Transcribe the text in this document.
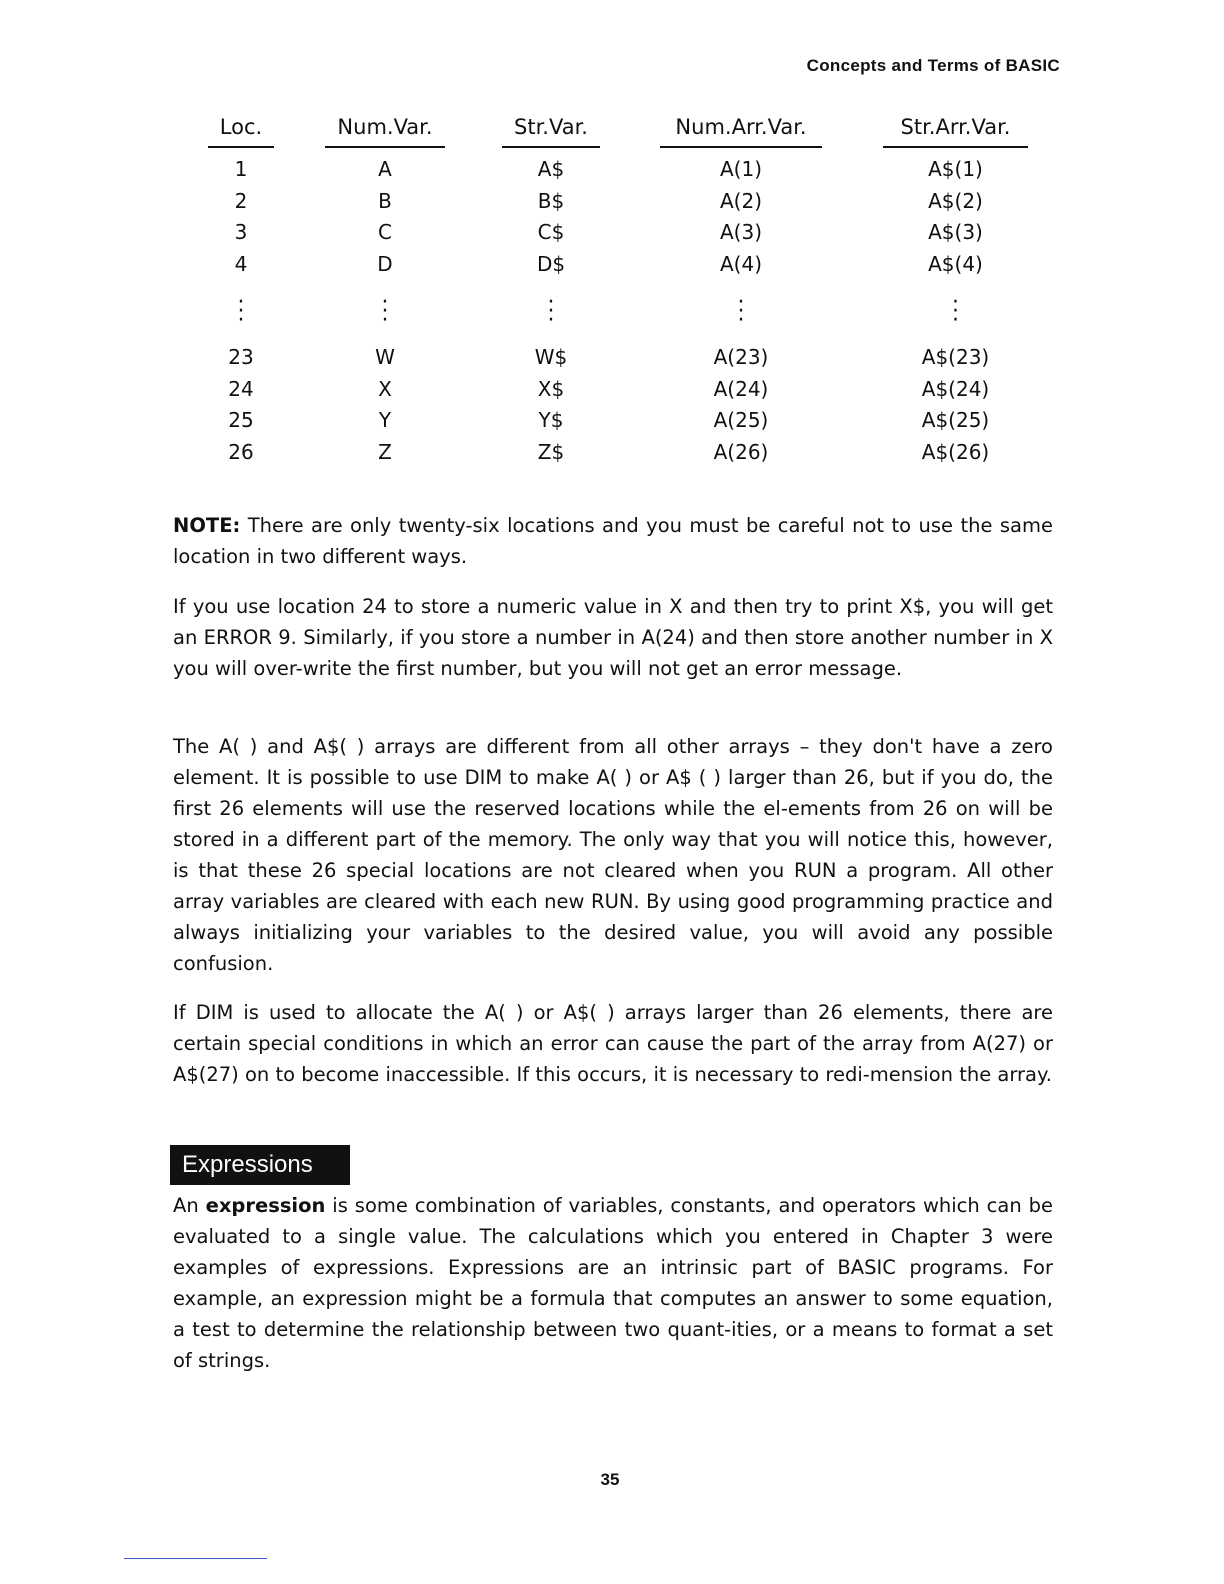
Concepts and Terms of BASIC
Loc.
1
2
3
4
·
·
·
23
24
25
26
Num.Var.
A
B
C
D
·
·
·
W
X
Y
Z
Str.Var.
A$
B$
C$
D$
·
·
·
W$
X$
Y$
Z$
Num.Arr.Var.
A(1)
A(2)
A(3)
A(4)
·
·
·
A(23)
A(24)
A(25)
A(26)
Str.Arr.Var.
A$(1)
A$(2)
A$(3)
A$(4)
·
·
·
A$(23)
A$(24)
A$(25)
A$(26)

NOTE: There are only twenty-six locations and you must be careful not to use the same location in two different ways.

If you use location 24 to store a numeric value in X and then try to print X$, you will get an ERROR 9. Similarly, if you store a number in A(24) and then store another number in X you will over-write the first number, but you will not get an error message.

The A( ) and A$( ) arrays are different from all other arrays – they don't have a zero element. It is possible to use DIM to make A( ) or A$ ( ) larger than 26, but if you do, the first 26 elements will use the reserved locations while the el-ements from 26 on will be stored in a different part of the memory. The only way that you will notice this, however, is that these 26 special locations are not cleared when you RUN a program. All other array variables are cleared with each new RUN. By using good programming practice and always initializing your variables to the desired value, you will avoid any possible confusion.

If DIM is used to allocate the A( ) or A$( ) arrays larger than 26 elements, there are certain special conditions in which an error can cause the part of the array from A(27) or A$(27) on to become inaccessible. If this occurs, it is necessary to redi-mension the array.

Expressions

An expression is some combination of variables, constants, and operators which can be evaluated to a single value. The calculations which you entered in Chapter 3 were examples of expressions. Expressions are an intrinsic part of BASIC programs. For example, an expression might be a formula that computes an answer to some equation, a test to determine the relationship between two quant-ities, or a means to format a set of strings.

35
